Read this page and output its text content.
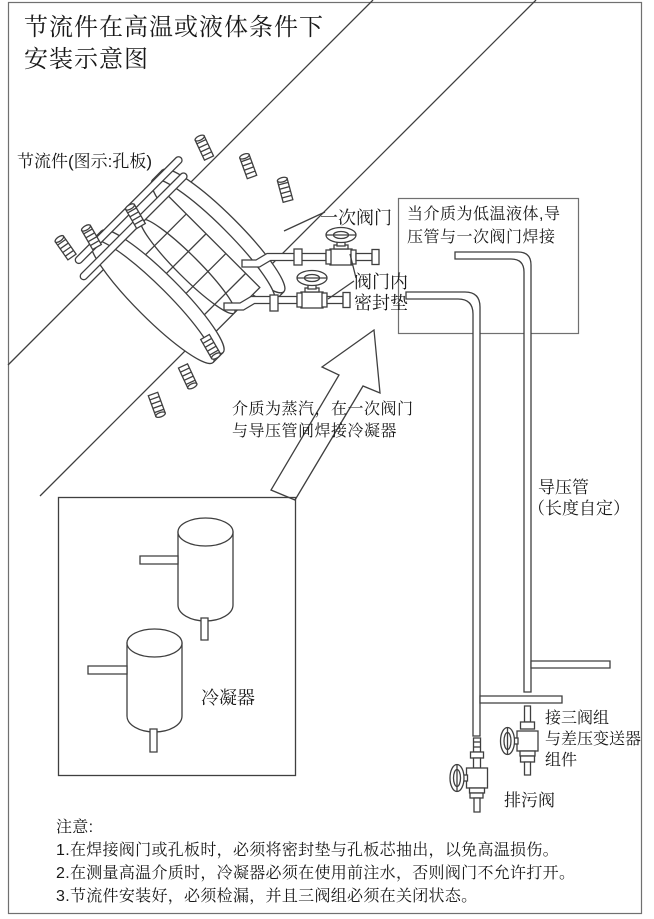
节流件在高温或液体条件下
安装示意图
节流件(图示:孔板)
一次阀门
阀门内
密封垫
当介质为低温液体,导
压管与一次阀门焊接
介质为蒸汽，在一次阀门
与导压管间焊接冷凝器
导压管
（长度自定）
冷凝器
接三阀组
与差压变送器
组件
排污阀
注意:
1.在焊接阀门或孔板时，必须将密封垫与孔板芯抽出，以免高温损伤。
2.在测量高温介质时，冷凝器必须在使用前注水，否则阀门不允许打开。
3.节流件安装好，必须检漏，并且三阀组必须在关闭状态。
